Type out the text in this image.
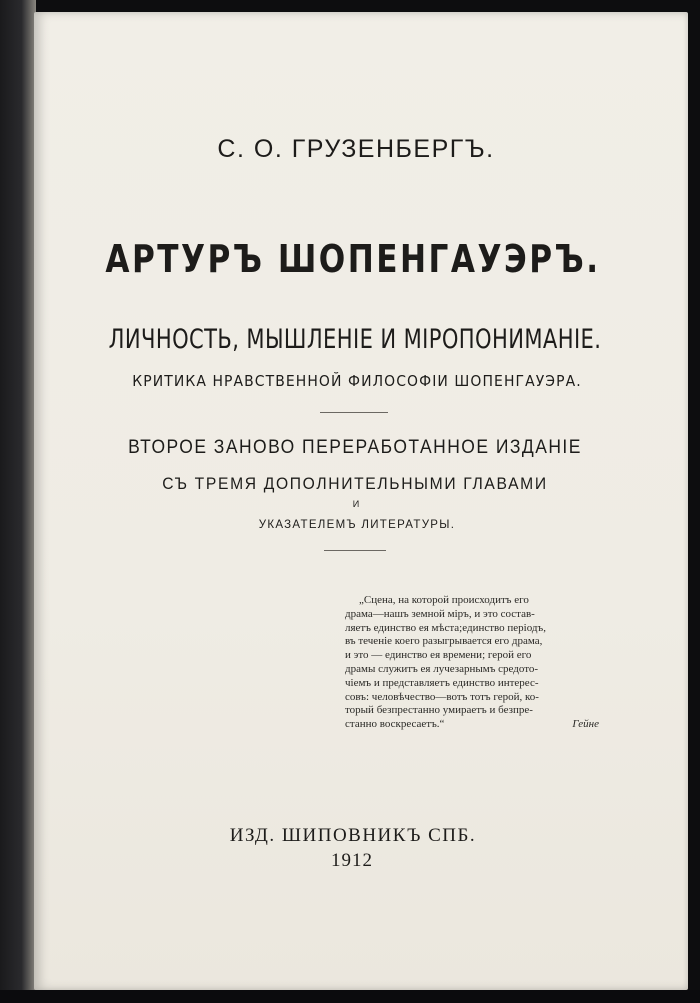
С. О. ГРУЗЕНБЕРГЪ.
АРТУРЪ ШОПЕНГАУЭРЪ.
ЛИЧНОСТЬ, МЫШЛЕНІЕ И МІРОПОНИМАНІЕ.
КРИТИКА НРАВСТВЕННОЙ ФИЛОСОФІИ ШОПЕНГАУЭРА.
ВТОРОЕ ЗАНОВО ПЕРЕРАБОТАННОЕ ИЗДАНІЕ
СЪ ТРЕМЯ ДОПОЛНИТЕЛЬНЫМИ ГЛАВАМИ
И
УКАЗАТЕЛЕМЪ ЛИТЕРАТУРЫ.
„Сцена, на которой происходитъ его
драма—нашъ земной міръ, и это состав-
ляетъ единство ея мѣста;единство періодъ,
въ теченіе коего разыгрывается его драма,
и это — единство ея времени; герой его
драмы служитъ ея лучезарнымъ средото-
чіемъ и представляетъ единство интерес-
совъ: человѣчество—вотъ тотъ герой, ко-
торый безпрестанно умираетъ и безпре-
станно воскресаетъ.“	Гейне
ИЗД. ШИПОВНИКЪ СПБ.
1912
